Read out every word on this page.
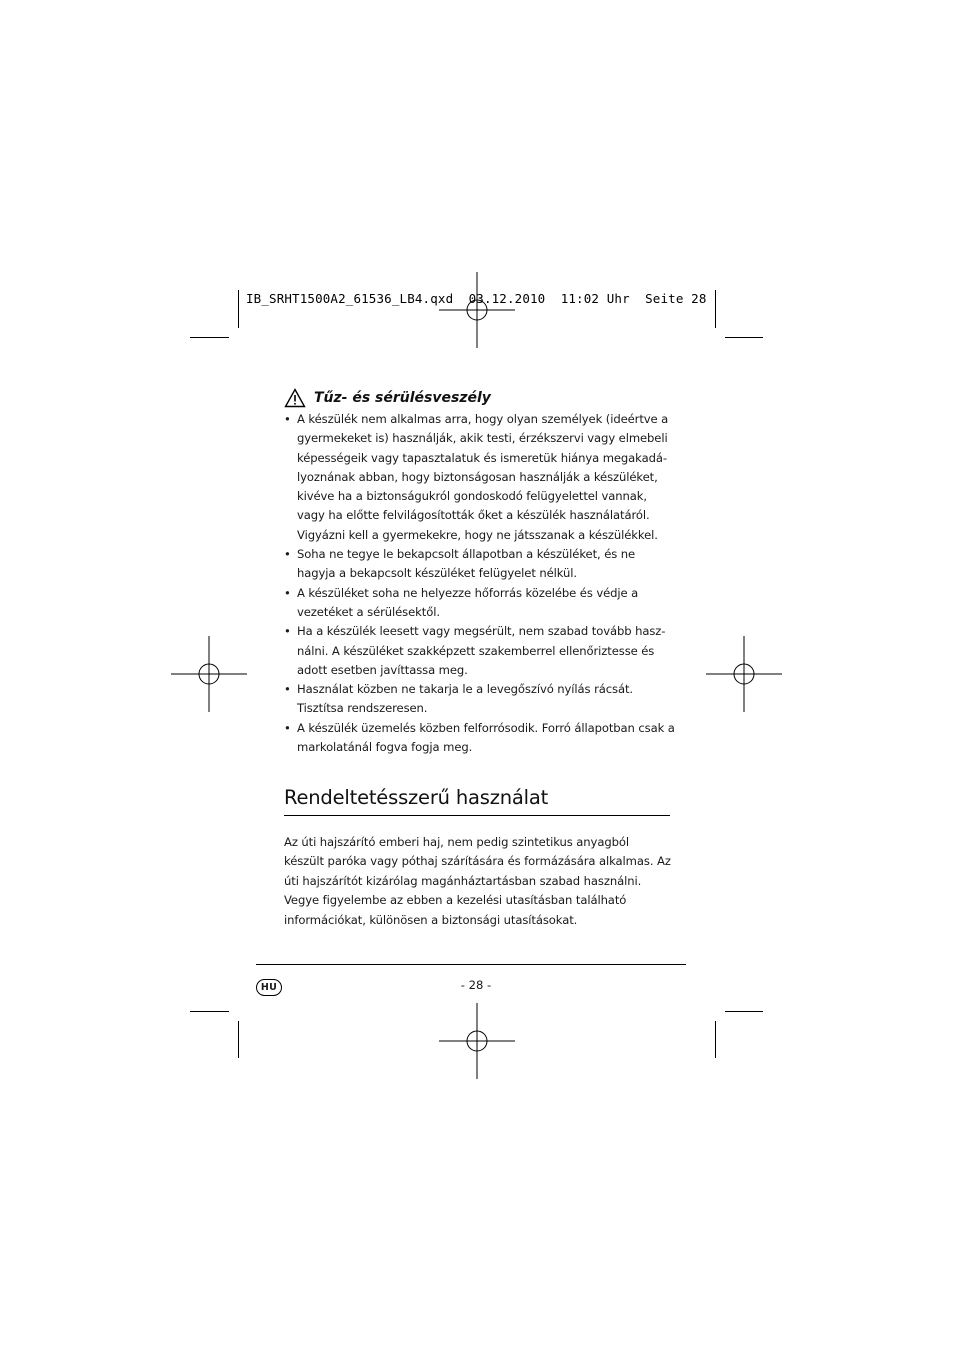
IB_SRHT1500A2_61536_LB4.qxd  03.12.2010  11:02 Uhr  Seite 28
Tűz- és sérülésveszély
• A készülék nem alkalmas arra, hogy olyan személyek (ideértve a gyermekeket is) használják, akik testi, érzékszervi vagy elmebeli képességeik vagy tapasztalatuk és ismeretük hiánya megakadá-lyoznának abban, hogy biztonságosan használják a készüléket, kivéve ha a biztonságukról gondoskodó felügyelettel vannak, vagy ha előtte felvilágosították őket a készülék használatáról. Vigyázni kell a gyermekekre, hogy ne játsszanak a készülékkel.
• Soha ne tegye le bekapcsolt állapotban a készüléket, és ne hagyja a bekapcsolt készüléket felügyelet nélkül.
• A készüléket soha ne helyezze hőforrás közelébe és védje a vezetéket a sérülésektől.
• Ha a készülék leesett vagy megsérült, nem szabad tovább hasz-nálni. A készüléket szakképzett szakemberrel ellenőriztesse és adott esetben javíttassa meg.
• Használat közben ne takarja le a levegőszívó nyílás rácsát. Tisztítsa rendszeresen.
• A készülék üzemelés közben felforrósodik. Forró állapotban csak a markolatánál fogva fogja meg.
Rendeltetésszerű használat

Az úti hajszárító emberi haj, nem pedig szintetikus anyagból készült paróka vagy póthaj szárítására és formázására alkalmas. Az úti hajszárítót kizárólag magánháztartásban szabad használni. Vegye figyelembe az ebben a kezelési utasításban található információkat, különösen a biztonsági utasításokat.

HU	- 28 -
